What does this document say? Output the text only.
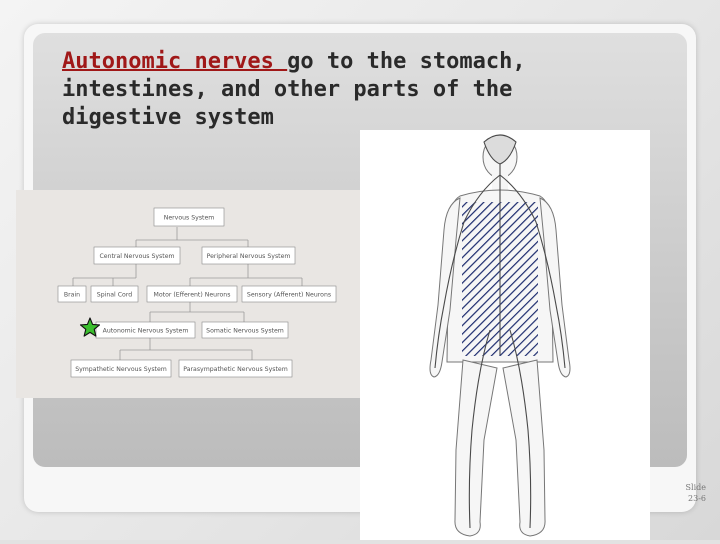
Autonomic nerves go to the stomach, intestines, and other parts of the digestive system
Nervous System
Central Nervous System	Peripheral Nervous System
Brain	Spinal Cord	Motor (Efferent) Neurons	Sensory (Afferent) Neurons
Autonomic Nervous System	Somatic Nervous System
Sympathetic Nervous System	Parasympathetic Nervous System
Slide
23-6
